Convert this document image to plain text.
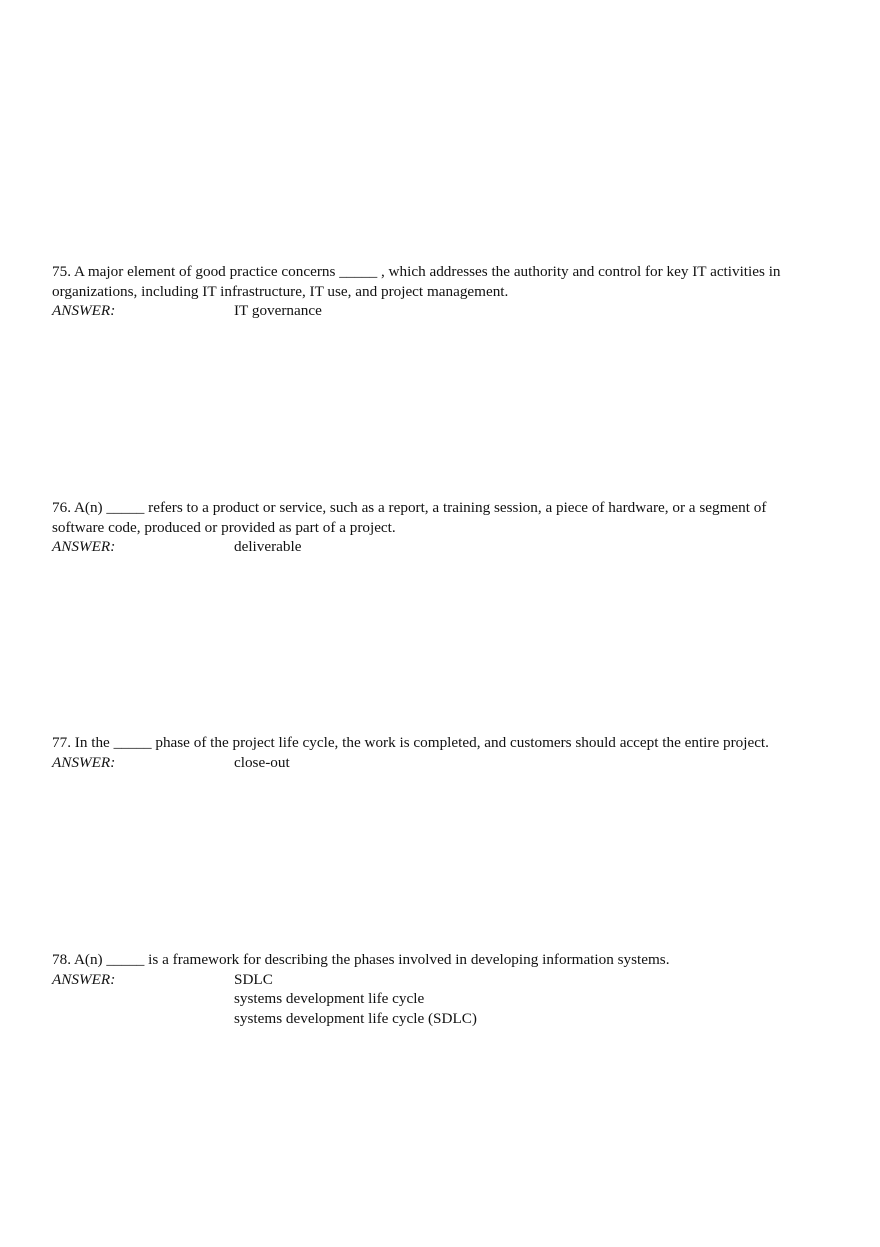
75. A major element of good practice concerns _____ , which addresses the authority and control for key IT activities in organizations, including IT infrastructure, IT use, and project management.

ANSWER:	IT governance

76. A(n) _____ refers to a product or service, such as a report, a training session, a piece of hardware, or a segment of software code, produced or provided as part of a project.

ANSWER:	deliverable

77. In the _____ phase of the project life cycle, the work is completed, and customers should accept the entire project.

ANSWER:	close-out

78. A(n) _____ is a framework for describing the phases involved in developing information systems.

ANSWER:	SDLC
systems development life cycle
systems development life cycle (SDLC)
